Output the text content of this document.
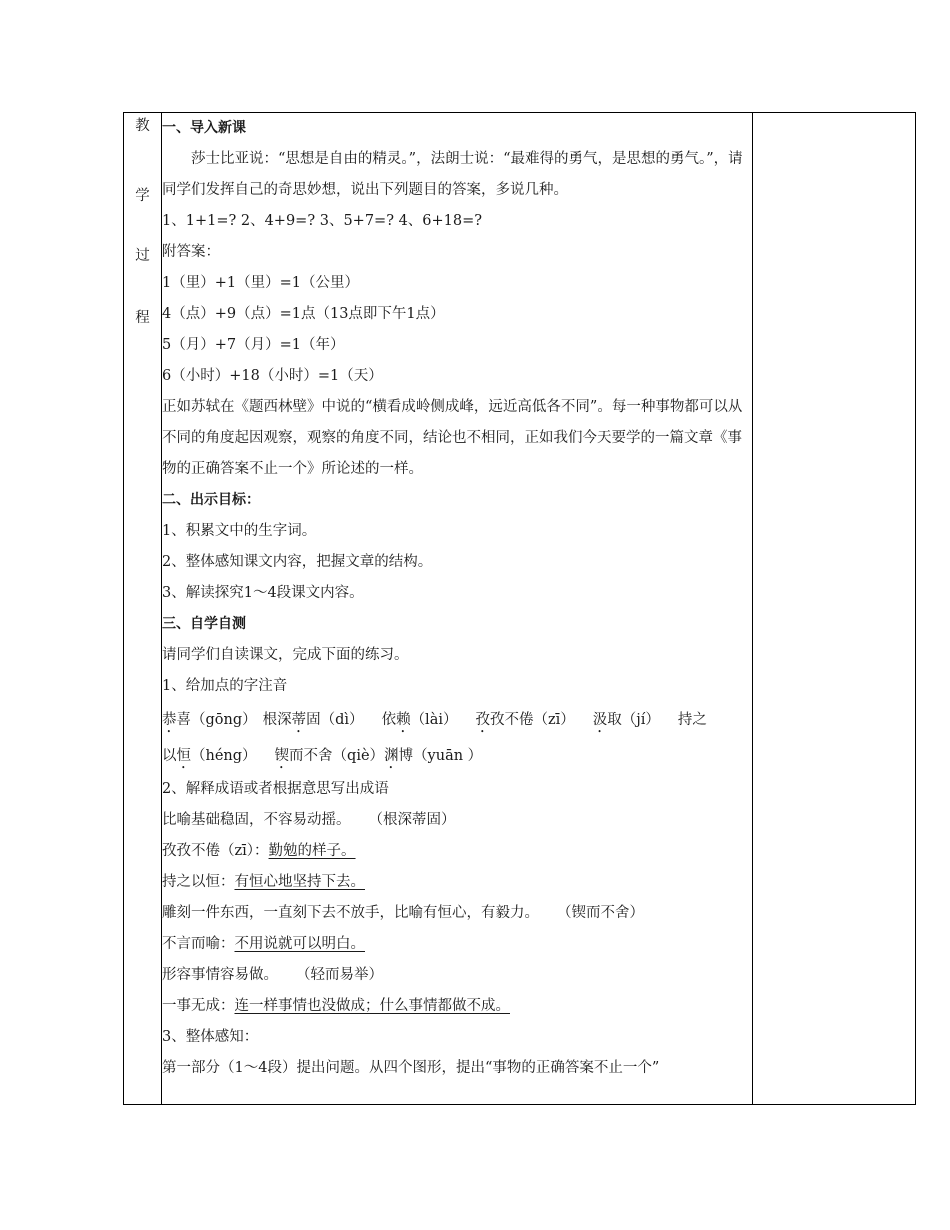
教
学
过
程

一、导入新课

莎士比亚说：“思想是自由的精灵。”，法朗士说：“最难得的勇气，是思想的勇气。”，请同学们发挥自己的奇思妙想，说出下列题目的答案，多说几种。

1、1+1=? 2、4+9=? 3、5+7=? 4、6+18=?

附答案：

1（里）+1（里）=1（公里）

4（点）+9（点）=1点（13点即下午1点）

5（月）+7（月）=1（年）

6（小时）+18（小时）=1（天）

正如苏轼在《题西林壁》中说的“横看成岭侧成峰，远近高低各不同”。每一种事物都可以从不同的角度起因观察，观察的角度不同，结论也不相同，正如我们今天要学的一篇文章《事物的正确答案不止一个》所论述的一样。

二、出示目标：

1、积累文中的生字词。

2、整体感知课文内容，把握文章的结构。

3、解读探究1～4段课文内容。

三、自学自测

请同学们自读课文，完成下面的练习。

1、给加点的字注音

恭喜（gōng） 根深蒂固（dì） 依赖（lài） 孜孜不倦（zī） 汲取（jí） 持之

以恒（héng） 锲而不舍（qiè）渊博（yuān ）

2、解释成语或者根据意思写出成语

比喻基础稳固，不容易动摇。 （根深蒂固）

孜孜不倦（zī）：勤勉的样子。

持之以恒：有恒心地坚持下去。

雕刻一件东西，一直刻下去不放手，比喻有恒心，有毅力。 （锲而不舍）

不言而喻：不用说就可以明白。

形容事情容易做。 （轻而易举）

一事无成：连一样事情也没做成；什么事情都做不成。

3、整体感知：

第一部分（1～4段）提出问题。从四个图形，提出“事物的正确答案不止一个”
